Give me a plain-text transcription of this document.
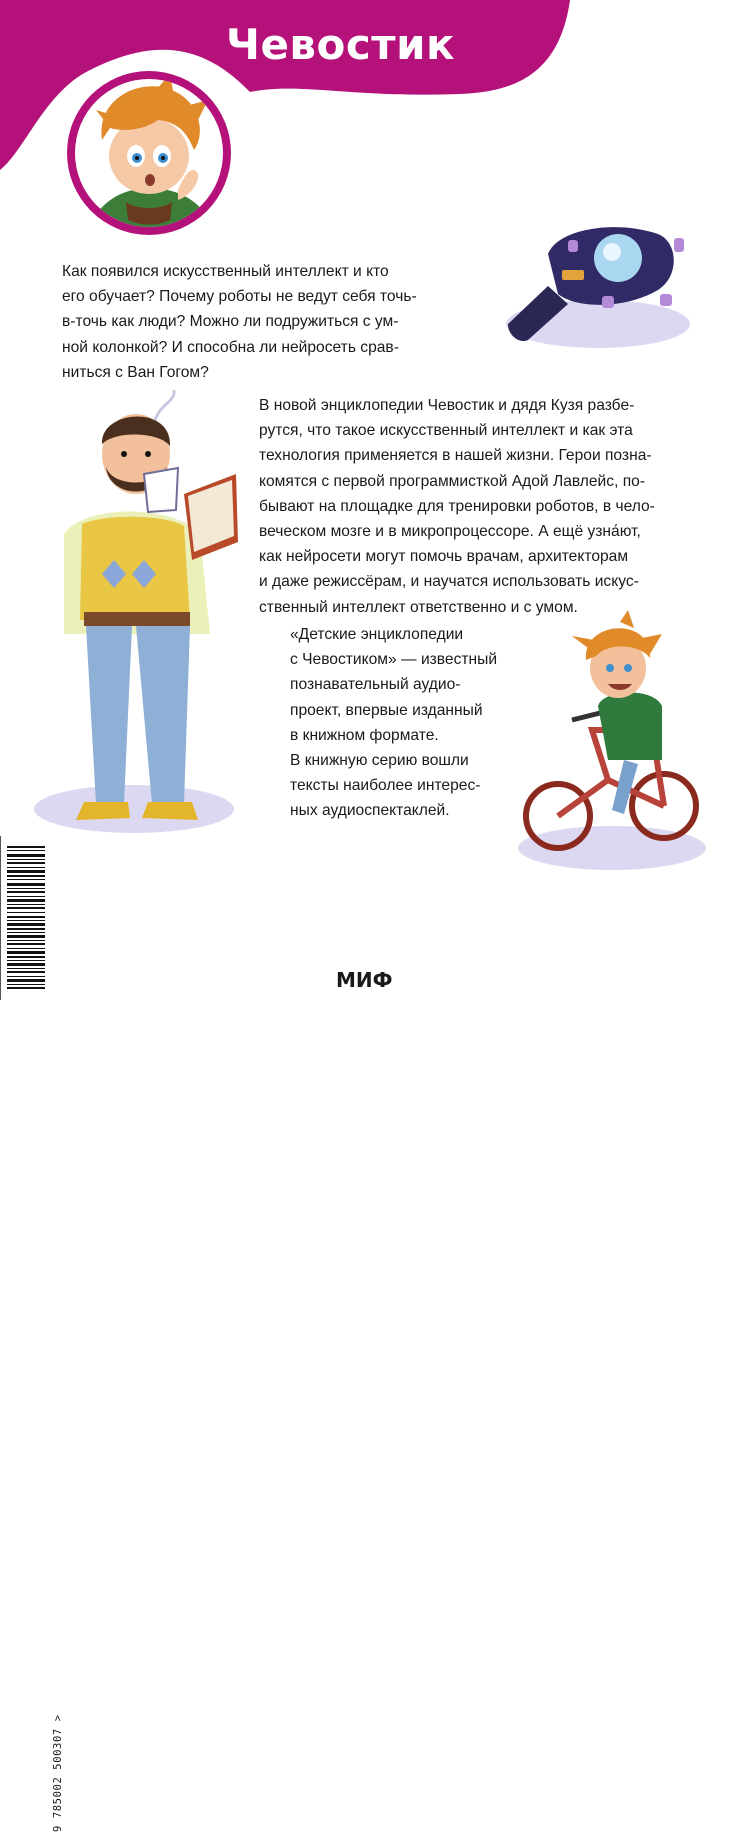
Чевостик

Как появился искусственный интеллект и кто
его обучает? Почему роботы не ведут себя точь-
в-точь как люди? Можно ли подружиться с ум-
ной колонкой? И способна ли нейросеть срав-
ниться с Ван Гогом?

В новой энциклопедии Чевостик и дядя Кузя разбе-
рутся, что такое искусственный интеллект и как эта
технология применяется в нашей жизни. Герои позна-
комятся с первой программисткой Адой Лавлейс, по-
бывают на площадке для тренировки роботов, в чело-
веческом мозге и в микропроцессоре. А ещё узна́ют,
как нейросети могут помочь врачам, архитекторам
и даже режиссёрам, и научатся использовать искус-
ственный интеллект ответственно и с умом.

«Детские энциклопедии
с Чевостиком» — известный
познавательный аудио-
проект, впервые изданный
в книжном формате.
В книжную серию вошли
тексты наиболее интерес-
ных аудиоспектаклей.

9 785002 500307 >
МИФ
